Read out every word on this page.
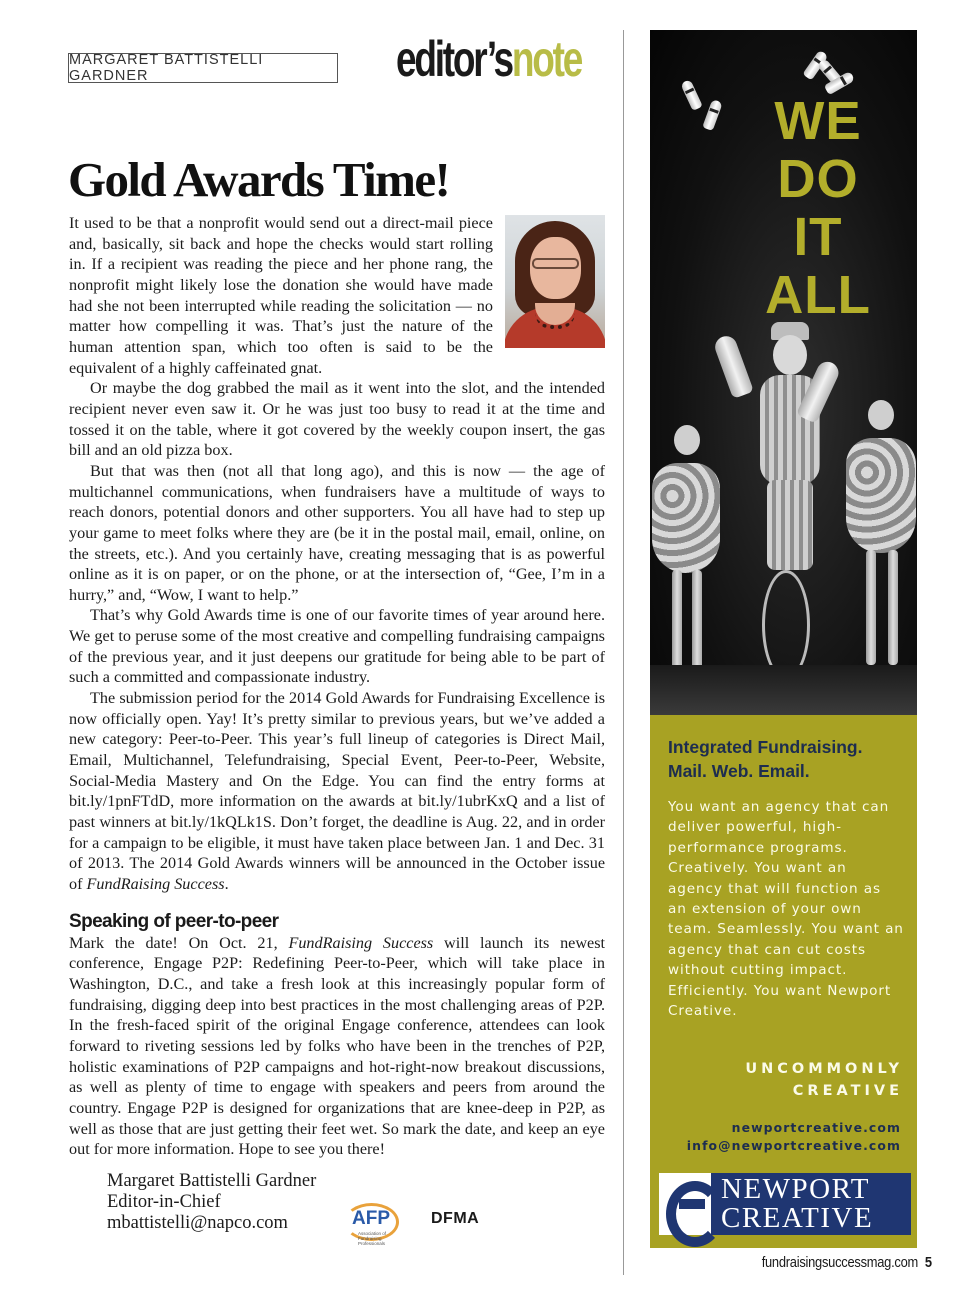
MARGARET BATTISTELLI GARDNER	editor’snote
Gold Awards Time!

It used to be that a nonprofit would send out a direct-mail piece and, basically, sit back and hope the checks would start rolling in. If a recipient was reading the piece and her phone rang, the nonprofit might likely lose the donation she would have made had she not been interrupted while reading the solicitation — no matter how compelling it was. That’s just the nature of the human attention span, which too often is said to be the equivalent of a highly caffeinated gnat.

Or maybe the dog grabbed the mail as it went into the slot, and the intended recipient never even saw it. Or he was just too busy to read it at the time and tossed it on the table, where it got covered by the weekly coupon insert, the gas bill and an old pizza box.

But that was then (not all that long ago), and this is now — the age of multichannel communications, when fundraisers have a multitude of ways to reach donors, potential donors and other supporters. You all have had to step up your game to meet folks where they are (be it in the postal mail, email, online, on the streets, etc.). And you certainly have, creating messaging that is as powerful online as it is on paper, or on the phone, or at the intersection of, “Gee, I’m in a hurry,” and, “Wow, I want to help.”

That’s why Gold Awards time is one of our favorite times of year around here. We get to peruse some of the most creative and compelling fundraising campaigns of the previous year, and it just deepens our gratitude for being able to be part of such a committed and compassionate industry.

The submission period for the 2014 Gold Awards for Fundraising Excellence is now officially open. Yay! It’s pretty similar to previous years, but we’ve added a new category: Peer-to-Peer. This year’s full lineup of categories is Direct Mail, Email, Multichannel, Telefundraising, Special Event, Peer-to-Peer, Website, Social-Media Mastery and On the Edge. You can find the entry forms at bit.ly/1pnFTdD, more information on the awards at bit.ly/1ubrKxQ and a list of past winners at bit.ly/1kQLk1S. Don’t forget, the deadline is Aug. 22, and in order for a campaign to be eligible, it must have taken place between Jan. 1 and Dec. 31 of 2013. The 2014 Gold Awards winners will be announced in the October issue of FundRaising Success.

Speaking of peer-to-peer

Mark the date! On Oct. 21, FundRaising Success will launch its newest conference, Engage P2P: Redefining Peer-to-Peer, which will take place in Washington, D.C., and take a fresh look at this increasingly popular form of fundraising, digging deep into best practices in the most challenging areas of P2P. In the fresh-faced spirit of the original Engage conference, attendees can look forward to riveting sessions led by folks who have been in the trenches of P2P, holistic examinations of P2P campaigns and hot-right-now breakout discussions, as well as plenty of time to engage with speakers and peers from around the country. Engage P2P is designed for organizations that are knee-deep in P2P, as well as those that are just getting their feet wet. So mark the date, and keep an eye out for more information. Hope to see you there!

Margaret Battistelli Gardner
Editor-in-Chief
mbattistelli@napco.com	AFP
Association of Fundraising Professionals
DFMA
WE
DO
IT
ALL
Integrated Fundraising.
Mail. Web. Email.
You want an agency that can deliver powerful, high-performance programs. Creatively. You want an agency that will function as an extension of your own team. Seamlessly. You want an agency that can cut costs without cutting impact. Efficiently. You want Newport Creative.
UNCOMMONLY
CREATIVE
newportcreative.com
info@newportcreative.com
NEWPORT
CREATIVE
fundraisingsuccessmag.com 5
